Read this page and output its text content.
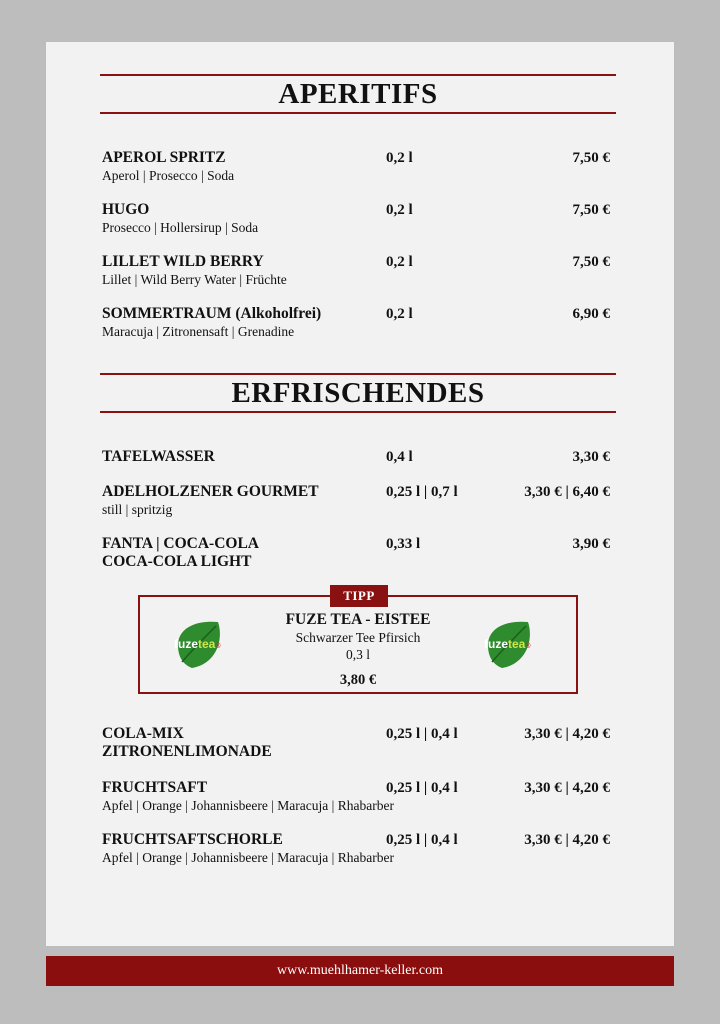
APERITIFS
APEROL SPRITZ	0,2 l	7,50 €
Aperol | Prosecco | Soda
HUGO	0,2 l	7,50 €
Prosecco | Hollersirup | Soda
LILLET WILD BERRY	0,2 l	7,50 €
Lillet | Wild Berry Water | Früchte
SOMMERTRAUM (Alkoholfrei)	0,2 l	6,90 €
Maracuja | Zitronensaft | Grenadine
ERFRISCHENDES
TAFELWASSER	0,4 l	3,30 €
ADELHOLZENER GOURMET	0,25 l | 0,7 l	3,30 € | 6,40 €
still | spritzig
FANTA | COCA-COLA	0,33 l	3,90 €
COCA-COLA LIGHT
TIPP
fuzetea®	fuzetea®
FUZE TEA - EISTEE
Schwarzer Tee Pfirsich
0,3 l
3,80 €
COLA-MIX	0,25 l | 0,4 l	3,30 € | 4,20 €
ZITRONENLIMONADE
FRUCHTSAFT	0,25 l | 0,4 l	3,30 € | 4,20 €
Apfel | Orange | Johannisbeere | Maracuja | Rhabarber
FRUCHTSAFTSCHORLE	0,25 l | 0,4 l	3,30 € | 4,20 €
Apfel | Orange | Johannisbeere | Maracuja | Rhabarber
www.muehlhamer-keller.com
